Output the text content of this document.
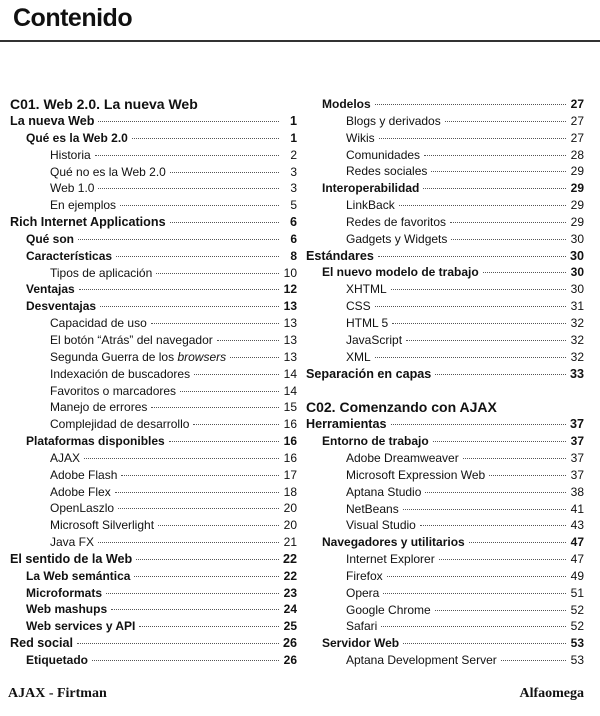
Contenido
C01. Web 2.0. La nueva Web
La nueva Web	1
Qué es la Web 2.0	1
Historia	2
Qué no es la Web 2.0	3
Web 1.0	3
En ejemplos	5
Rich Internet Applications	6
Qué son	6
Características	8
Tipos de aplicación	10
Ventajas	12
Desventajas	13
Capacidad de uso	13
El botón “Atrás” del navegador	13
Segunda Guerra de los browsers	13
Indexación de buscadores	14
Favoritos o marcadores	14
Manejo de errores	15
Complejidad de desarrollo	16
Plataformas disponibles	16
AJAX	16
Adobe Flash	17
Adobe Flex	18
OpenLaszlo	20
Microsoft Silverlight	20
Java FX	21
El sentido de la Web	22
La Web semántica	22
Microformats	23
Web mashups	24
Web services y API	25
Red social	26
Etiquetado	26
Modelos	27
Blogs y derivados	27
Wikis	27
Comunidades	28
Redes sociales	29
Interoperabilidad	29
LinkBack	29
Redes de favoritos	29
Gadgets y Widgets	30
Estándares	30
El nuevo modelo de trabajo	30
XHTML	30
CSS	31
HTML 5	32
JavaScript	32
XML	32
Separación en capas	33
C02. Comenzando con AJAX
Herramientas	37
Entorno de trabajo	37
Adobe Dreamweaver	37
Microsoft Expression Web	37
Aptana Studio	38
NetBeans	41
Visual Studio	43
Navegadores y utilitarios	47
Internet Explorer	47
Firefox	49
Opera	51
Google Chrome	52
Safari	52
Servidor Web	53
Aptana Development Server	53
AJAX - Firtman	Alfaomega
